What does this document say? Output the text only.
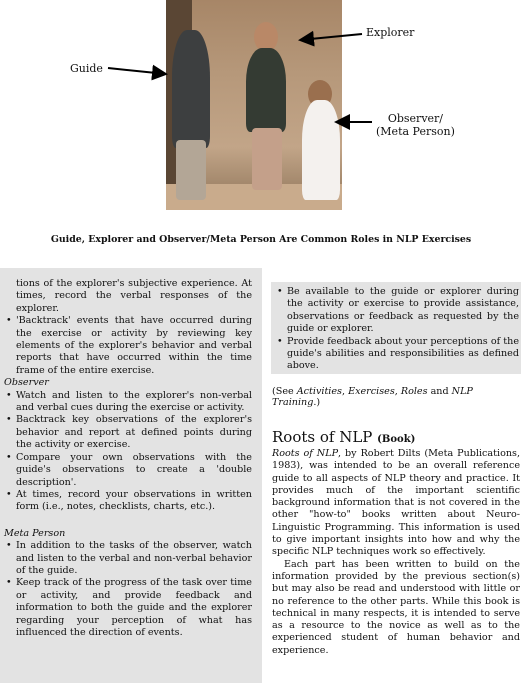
Guide
Explorer
Observer/
(Meta Person)
Guide, Explorer and Observer/Meta Person Are Common Roles in NLP Exercises

tions of the explorer's subjective experience. At times, record the verbal responses of the explorer.

• 'Backtrack' events that have occurred during the exercise or activity by reviewing key elements of the explorer's behavior and verbal reports that have occurred within the time frame of the entire exercise.

Observer

• Watch and listen to the explorer's non-verbal and verbal cues during the exercise or activity.

• Backtrack key observations of the explorer's behavior and report at defined points during the activity or exercise.

• Compare your own observations with the guide's observations to create a 'double description'.

• At times, record your observations in written form (i.e., notes, checklists, charts, etc.).

Meta Person

• In addition to the tasks of the observer, watch and listen to the verbal and non-verbal behavior of the guide.

• Keep track of the progress of the task over time or activity, and provide feedback and information to both the guide and the explorer regarding your perception of what has influenced the direction of events.

• Be available to the guide or explorer during the activity or exercise to provide assistance, observations or feedback as requested by the guide or explorer.

• Provide feedback about your perceptions of the guide's abilities and responsibilities as defined above.

(See Activities, Exercises, Roles and NLP Training.)
Roots of NLP (Book)

Roots of NLP, by Robert Dilts (Meta Publications, 1983), was intended to be an overall reference guide to all aspects of NLP theory and practice. It provides much of the important scientific background information that is not covered in the other "how-to" books written about Neuro-Linguistic Programming. This information is used to give important insights into how and why the specific NLP techniques work so effectively.

Each part has been written to build on the information provided by the previous section(s) but may also be read and understood with little or no reference to the other parts. While this book is technical in many respects, it is intended to serve as a resource to the novice as well as to the experienced student of human behavior and experience.
